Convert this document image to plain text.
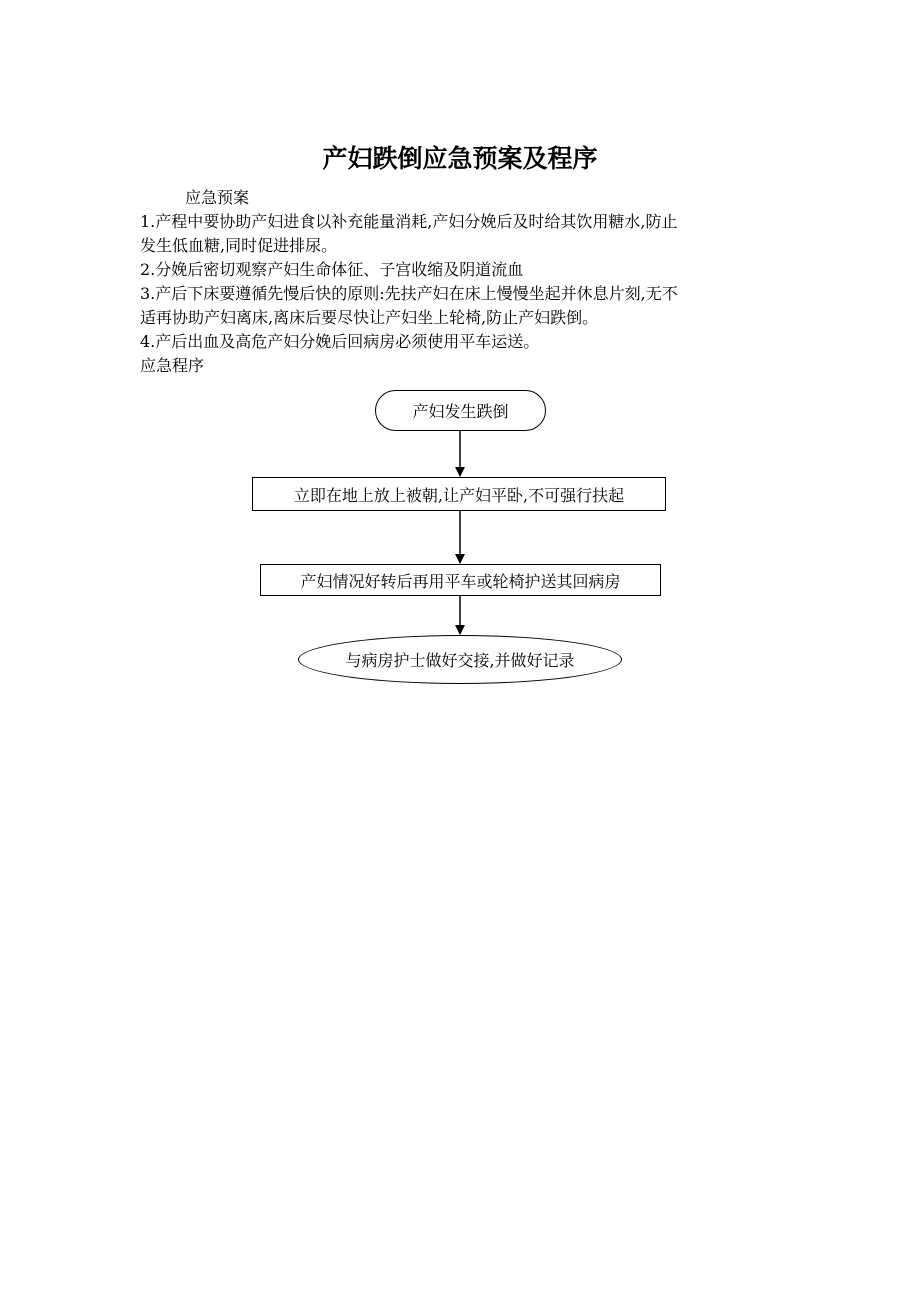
产妇跌倒应急预案及程序
应急预案
1.产程中要协助产妇进食以补充能量消耗,产妇分娩后及时给其饮用糖水,防止
发生低血糖,同时促进排尿。
2.分娩后密切观察产妇生命体征、子宫收缩及阴道流血
3.产后下床要遵循先慢后快的原则:先扶产妇在床上慢慢坐起并休息片刻,无不
适再协助产妇离床,离床后要尽快让产妇坐上轮椅,防止产妇跌倒。
4.产后出血及高危产妇分娩后回病房必须使用平车运送。
应急程序
产妇发生跌倒
立即在地上放上被朝,让产妇平卧,不可强行扶起
产妇情况好转后再用平车或轮椅护送其回病房
与病房护士做好交接,并做好记录
